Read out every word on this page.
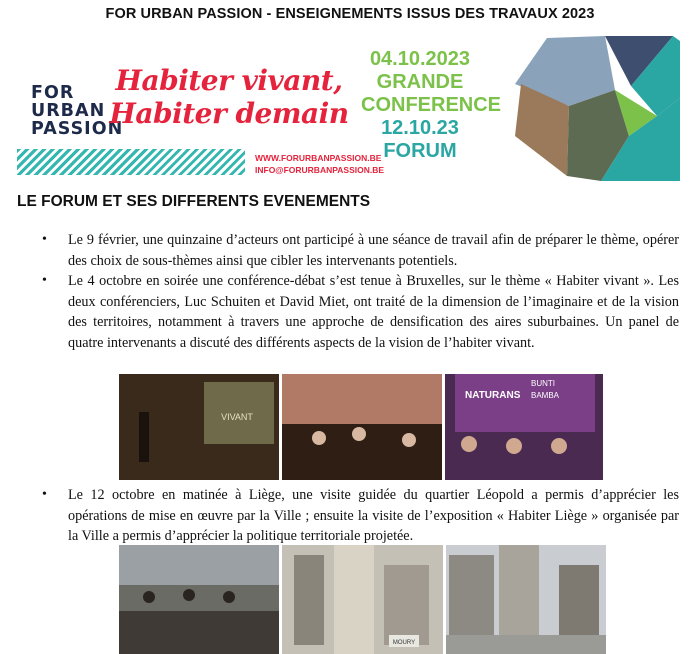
FOR URBAN PASSION - ENSEIGNEMENTS ISSUS DES TRAVAUX 2023
FOR
URBAN
PASSION
Habiter vivant,
Habiter demain
WWW.FORURBANPASSION.BE
INFO@FORURBANPASSION.BE
04.10.2023
GRANDE
CONFERENCE
12.10.23
FORUM
LE FORUM ET SES DIFFERENTS EVENEMENTS
• Le 9 février, une quinzaine d’acteurs ont participé à une séance de travail afin de préparer le thème, opérer des choix de sous-thèmes ainsi que cibler les intervenants potentiels.
• Le 4 octobre en soirée une conférence-débat s’est tenue à Bruxelles, sur le thème « Habiter vivant ». Les deux conférenciers, Luc Schuiten et David Miet, ont traité de la dimension de l’imaginaire et de la vision des territoires, notamment à travers une approche de densification des aires suburbaines. Un panel de quatre intervenants a discuté des différents aspects de la vision de l’habiter vivant.
VIVANT
NATURANS
BUNTI
BAMBA
• Le 12 octobre en matinée à Liège, une visite guidée du quartier Léopold a permis d’apprécier les opérations de mise en œuvre par la Ville ; ensuite la visite de l’exposition « Habiter Liège » organisée par la Ville a permis d’apprécier la politique territoriale projetée.
MOURY
